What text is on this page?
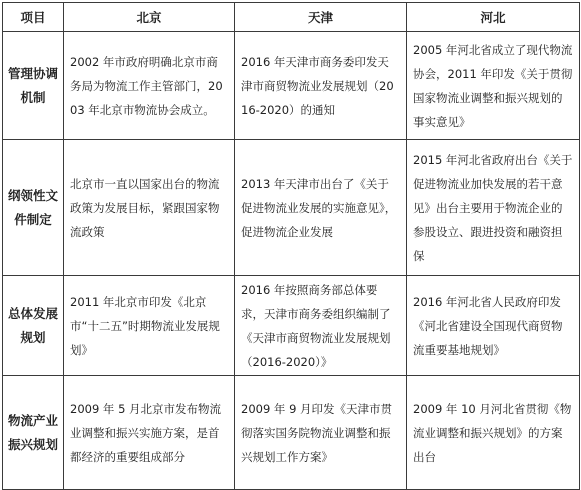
项目	北京	天津	河北
管理协调机制	2002 年市政府明确北京市商务局为物流工作主管部门，2003 年北京市物流协会成立。	2016 年天津市商务委印发天津市商贸物流业发展规划（2016-2020）的通知	2005 年河北省成立了现代物流协会，2011 年印发《关于贯彻国家物流业调整和振兴规划的事实意见》
纲领性文件制定	北京市一直以国家出台的物流政策为发展目标，紧跟国家物流政策	2013 年天津市出台了《关于促进物流业发展的实施意见》，促进物流企业发展	2015 年河北省政府出台《关于促进物流业加快发展的若干意见》出台主要用于物流企业的参股设立、跟进投资和融资担保
总体发展规划	2011 年北京市印发《北京市“十二五”时期物流业发展规划》	2016 年按照商务部总体要求，天津市商务委组织编制了《天津市商贸物流业发展规划（2016-2020）》	2016 年河北省人民政府印发《河北省建设全国现代商贸物流重要基地规划》
物流产业振兴规划	2009 年 5 月北京市发布物流业调整和振兴实施方案，是首都经济的重要组成部分	2009 年 9 月印发《天津市贯彻落实国务院物流业调整和振兴规划工作方案》	2009 年 10 月河北省贯彻《物流业调整和振兴规划》的方案出台
